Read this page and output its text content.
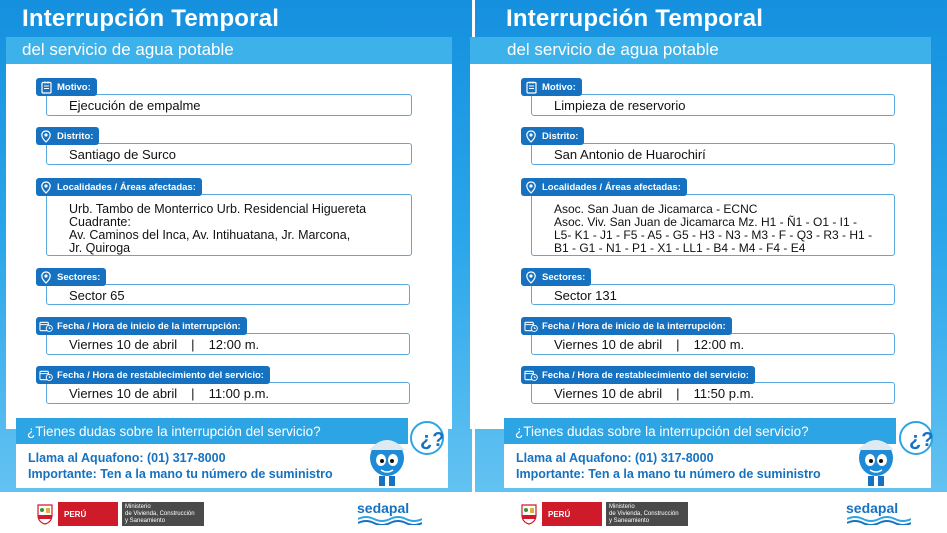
Interrupción Temporal
del servicio de agua potable
Ejecución de empalme
Motivo:
Santiago de Surco
Distrito:
Urb. Tambo de Monterrico Urb. Residencial Higuereta
Cuadrante:
Av. Caminos del Inca, Av. Intihuatana, Jr. Marcona,
Jr. Quiroga
Localidades / Áreas afectadas:
Sector 65
Sectores:
Viernes 10 de abril | 12:00 m.
Fecha / Hora de inicio de la interrupción:
Viernes 10 de abril | 11:00 p.m.
Fecha / Hora de restablecimiento del servicio:
¿Tienes dudas sobre la interrupción del servicio?
Llama al Aquafono: (01) 317-8000
Importante: Ten a la mano tu número de suministro
¿?
PERÚ
Ministerio
de Vivienda, Construcción
y Saneamiento
sedapal
Interrupción Temporal
del servicio de agua potable
Limpieza de reservorio
Motivo:
San Antonio de Huarochirí
Distrito:
Asoc. San Juan de Jicamarca - ECNC
Asoc. Viv. San Juan de Jicamarca Mz. H1 - Ñ1 - O1 - I1 -
L5- K1 - J1 - F5 - A5 - G5 - H3 - N3 - M3 - F - Q3 - R3 - H1 -
B1 - G1 - N1 - P1 - X1 - LL1 - B4 - M4 - F4 - E4
Localidades / Áreas afectadas:
Sector 131
Sectores:
Viernes 10 de abril | 12:00 m.
Fecha / Hora de inicio de la interrupción:
Viernes 10 de abril | 11:50 p.m.
Fecha / Hora de restablecimiento del servicio:
¿Tienes dudas sobre la interrupción del servicio?
Llama al Aquafono: (01) 317-8000
Importante: Ten a la mano tu número de suministro
¿?
PERÚ
Ministerio
de Vivienda, Construcción
y Saneamiento
sedapal
